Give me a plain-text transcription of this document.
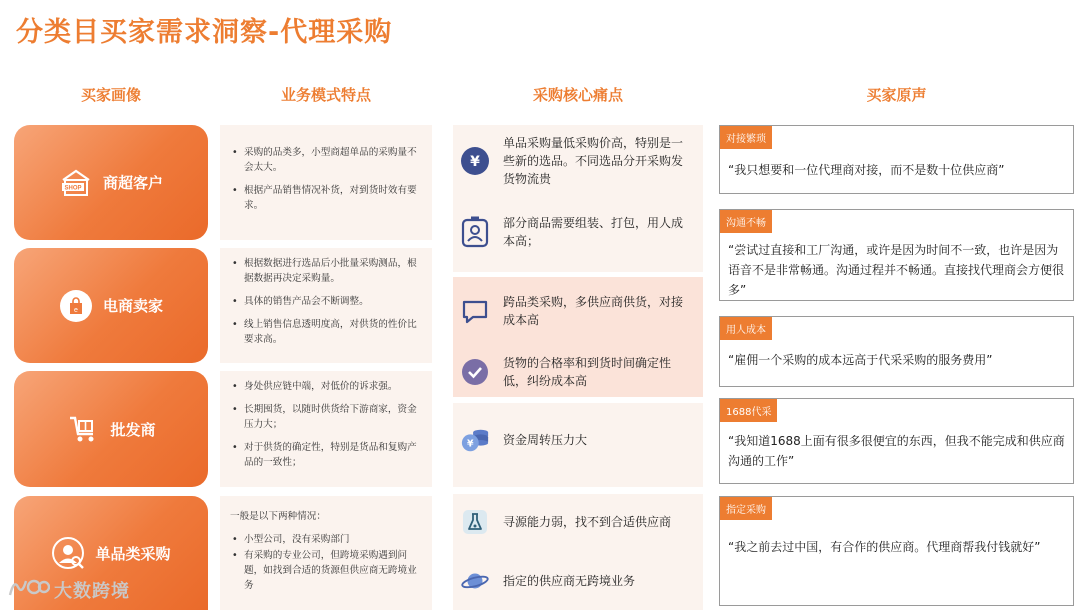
分类目买家需求洞察-代理采购
买家画像	业务模式特点	采购核心痛点	买家原声
SHOP 商超客户
e 电商卖家
批发商
单品类采购
• 采购的品类多，小型商超单品的采购量不会太大。
• 根据产品销售情况补货，对到货时效有要求。
• 根据数据进行选品后小批量采购测品，根据数据再决定采购量。
• 具体的销售产品会不断调整。
• 线上销售信息透明度高，对供货的性价比要求高。
• 身处供应链中端，对低价的诉求强。
• 长期囤货，以随时供货给下游商家，资金压力大；
• 对于供货的确定性，特别是货品和复购产品的一致性；
一般是以下两种情况：
• 小型公司，没有采购部门
• 有采购的专业公司，但跨境采购遇到问题，如找到合适的货源但供应商无跨境业务
¥
单品采购量低采购价高，特别是一些新的选品。不同选品分开采购发货物流贵
部分商品需要组装、打包，用人成本高；
跨品类采购，多供应商供货，对接成本高
货物的合格率和到货时间确定性低，纠纷成本高
¥ 资金周转压力大
寻源能力弱，找不到合适供应商
指定的供应商无跨境业务
对接繁琐
“我只想要和一位代理商对接，而不是数十位供应商”
沟通不畅
“尝试过直接和工厂沟通，或许是因为时间不一致，也许是因为语音不是非常畅通。沟通过程并不畅通。直接找代理商会方便很多”
用人成本
“雇佣一个采购的成本远高于代采采购的服务费用”
1688代采
“我知道1688上面有很多很便宜的东西，但我不能完成和供应商沟通的工作”
指定采购
“我之前去过中国，有合作的供应商。代理商帮我付钱就好”
大数跨境
